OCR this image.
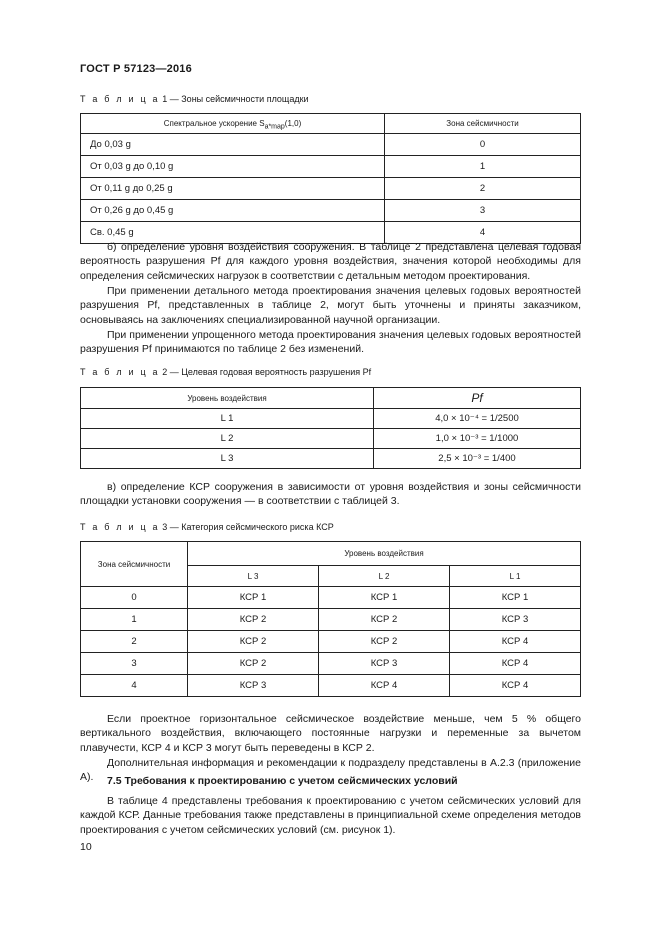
ГОСТ Р 57123—2016
Т а б л и ц а 1 — Зоны сейсмичности площадки
Спектральное ускорение $S_{a*map}(1,0)$	Зона сейсмичности
До 0,03 g	0
От 0,03 g до 0,10 g	1
От 0,11 g до 0,25 g	2
От 0,26 g до 0,45 g	3
Св. 0,45 g	4
б) определение уровня воздействия сооружения. В таблице 2 представлена целевая годовая вероятность разрушения Pf для каждого уровня воздействия, значения которой необходимы для определения сейсмических нагрузок в соответствии с детальным методом проектирования.
При применении детального метода проектирования значения целевых годовых вероятностей разрушения Pf, представленных в таблице 2, могут быть уточнены и приняты заказчиком, основываясь на заключениях специализированной научной организации.
При применении упрощенного метода проектирования значения целевых годовых вероятностей разрушения Pf принимаются по таблице 2 без изменений.
Т а б л и ц а 2 — Целевая годовая вероятность разрушения Pf
Уровень воздействия	Pf
L 1	4,0 × 10⁻⁴ = 1/2500
L 2	1,0 × 10⁻³ = 1/1000
L 3	2,5 × 10⁻³ = 1/400
в) определение КСР сооружения в зависимости от уровня воздействия и зоны сейсмичности площадки установки сооружения — в соответствии с таблицей 3.
Т а б л и ц а 3 — Категория сейсмического риска КСР
Зона сейсмичности	Уровень воздействия		
	L 3	L 2	L 1
0	КСР 1	КСР 1	КСР 1
1	КСР 2	КСР 2	КСР 3
2	КСР 2	КСР 2	КСР 4
3	КСР 2	КСР 3	КСР 4
4	КСР 3	КСР 4	КСР 4
Если проектное горизонтальное сейсмическое воздействие меньше, чем 5 % общего вертикального воздействия, включающего постоянные нагрузки и переменные за вычетом плавучести, КСР 4 и КСР 3 могут быть переведены в КСР 2.
Дополнительная информация и рекомендации к подразделу представлены в А.2.3 (приложение А).	7.5 Требования к проектированию с учетом сейсмических условий
В таблице 4 представлены требования к проектированию с учетом сейсмических условий для каждой КСР. Данные требования также представлены в принципиальной схеме определения методов проектирования с учетом сейсмических условий (см. рисунок 1).
10
